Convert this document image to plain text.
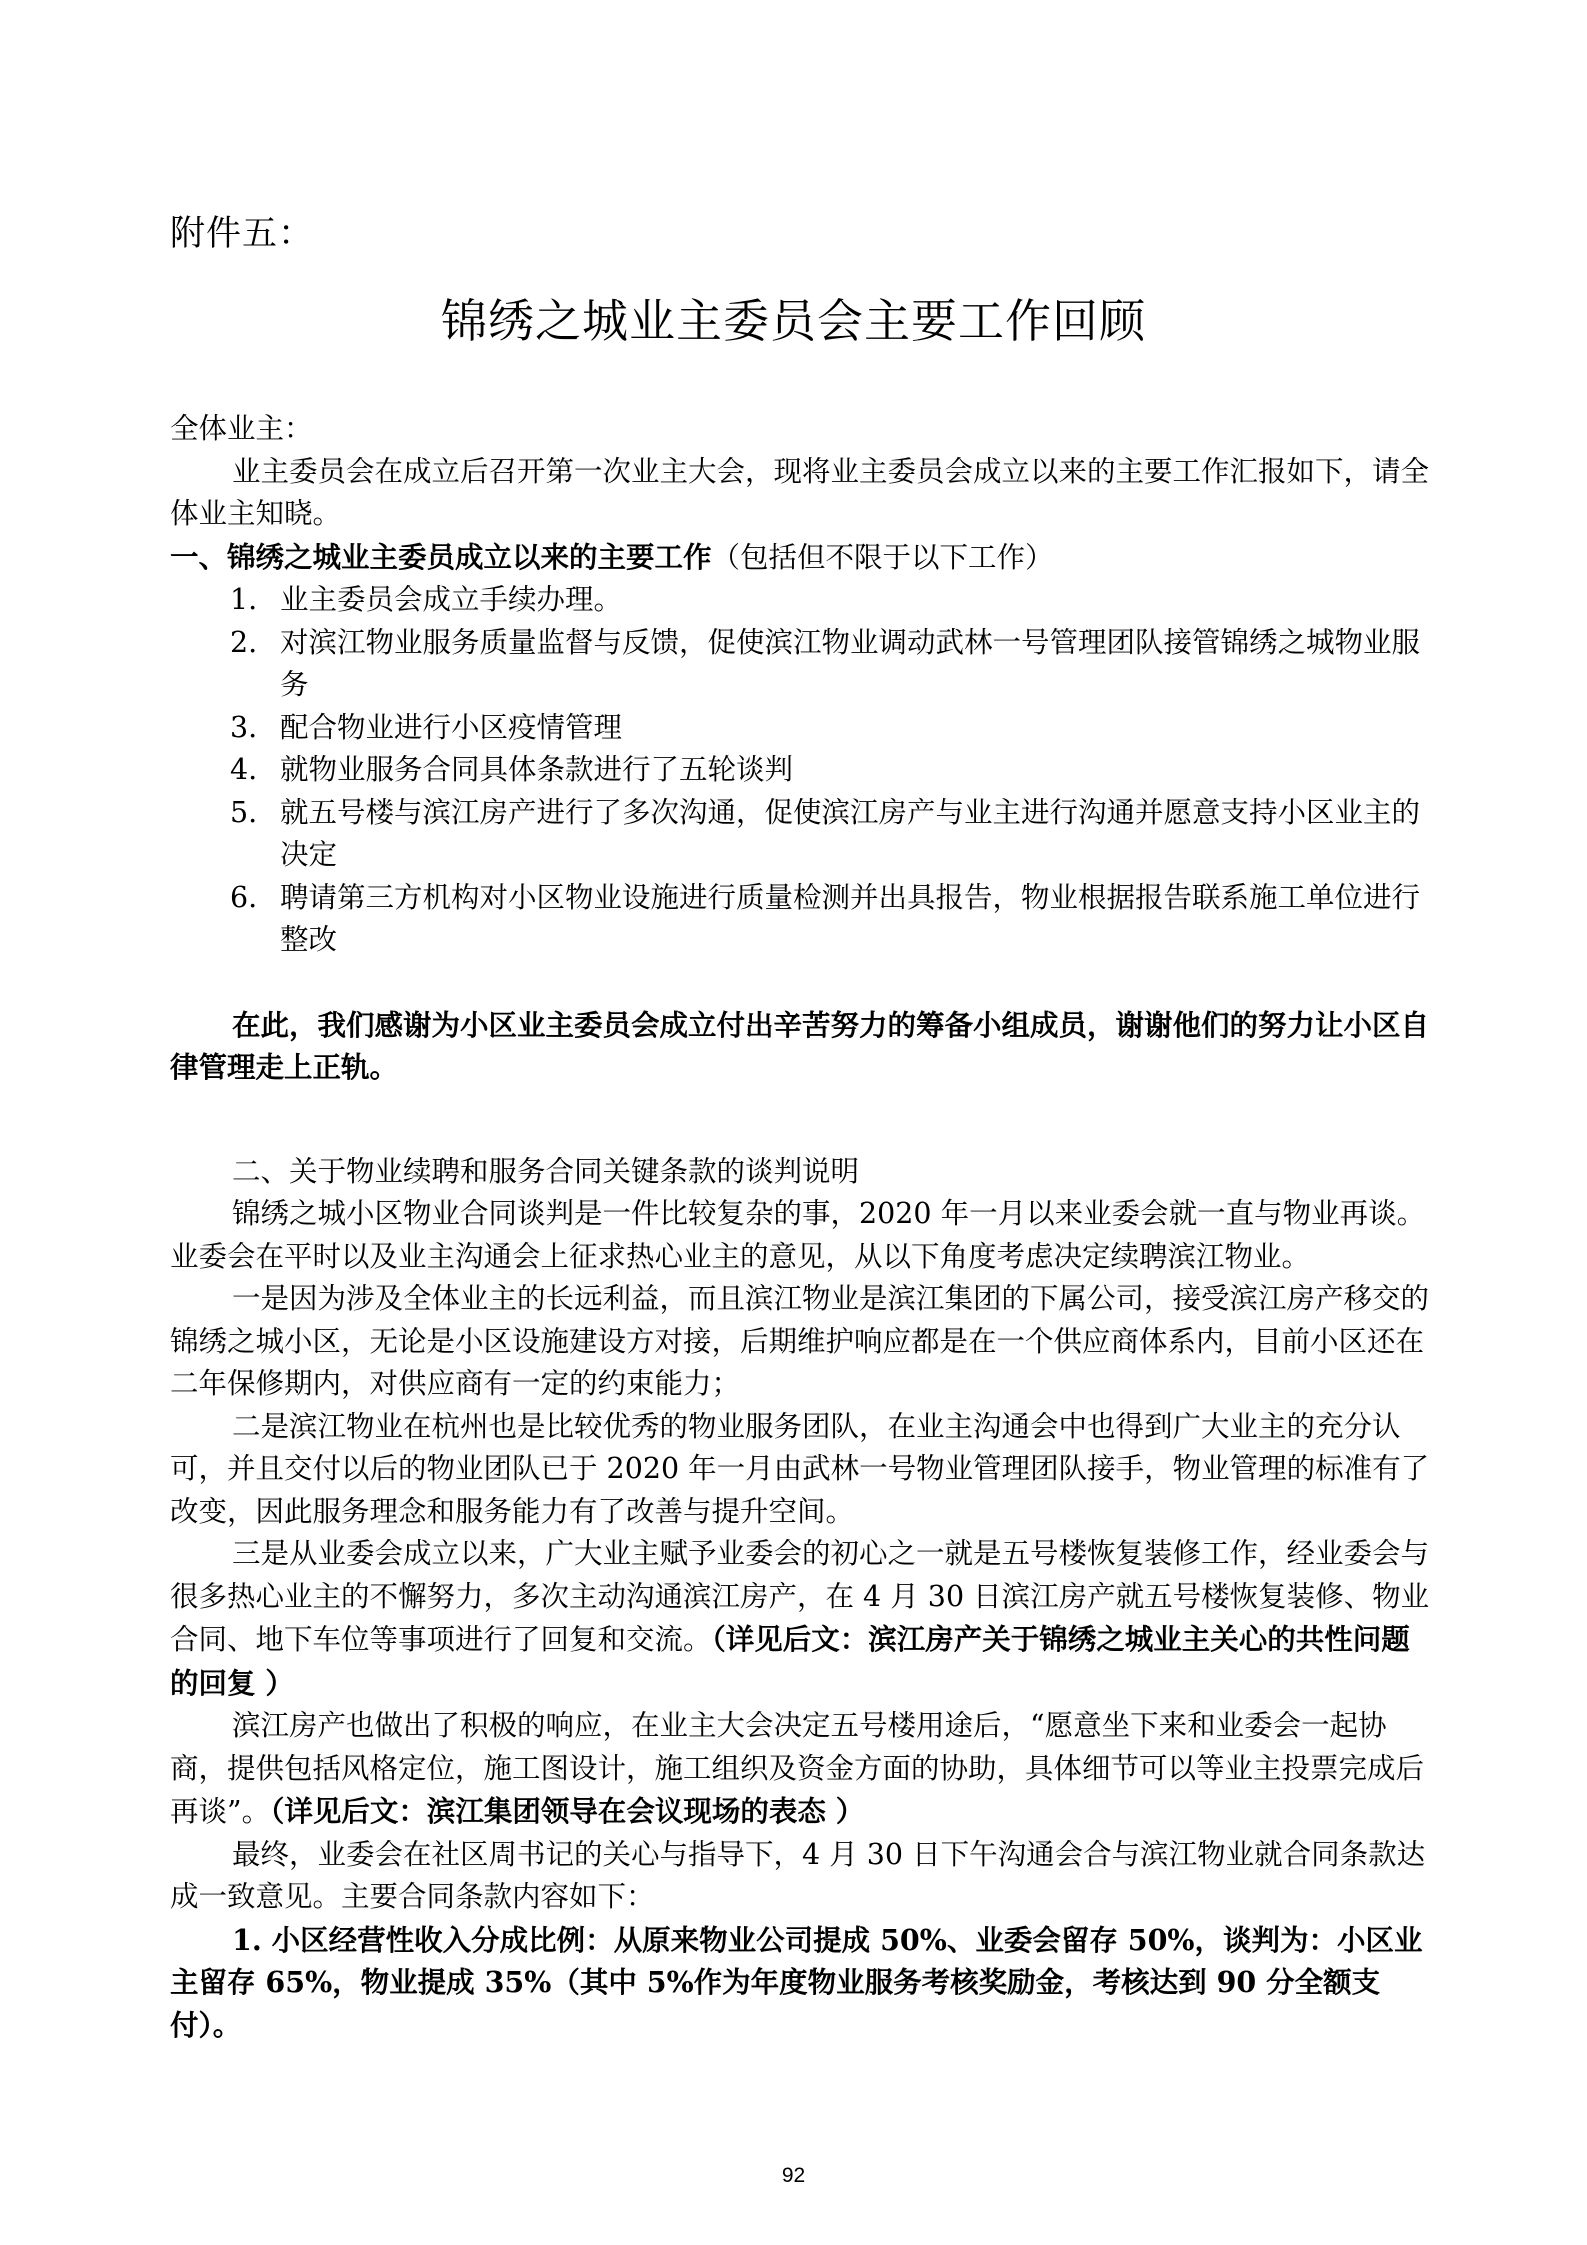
附件五：
锦绣之城业主委员会主要工作回顾

全体业主：

业主委员会在成立后召开第一次业主大会，现将业主委员会成立以来的主要工作汇报如下，请全体业主知晓。

一、锦绣之城业主委员成立以来的主要工作（包括但不限于以下工作）

1. 业主委员会成立手续办理。
2. 对滨江物业服务质量监督与反馈，促使滨江物业调动武林一号管理团队接管锦绣之城物业服务
3. 配合物业进行小区疫情管理
4. 就物业服务合同具体条款进行了五轮谈判
5. 就五号楼与滨江房产进行了多次沟通，促使滨江房产与业主进行沟通并愿意支持小区业主的决定
6. 聘请第三方机构对小区物业设施进行质量检测并出具报告，物业根据报告联系施工单位进行整改

在此，我们感谢为小区业主委员会成立付出辛苦努力的筹备小组成员，谢谢他们的努力让小区自律管理走上正轨。

二、关于物业续聘和服务合同关键条款的谈判说明

锦绣之城小区物业合同谈判是一件比较复杂的事，2020 年一月以来业委会就一直与物业再谈。业委会在平时以及业主沟通会上征求热心业主的意见，从以下角度考虑决定续聘滨江物业。

一是因为涉及全体业主的长远利益，而且滨江物业是滨江集团的下属公司，接受滨江房产移交的锦绣之城小区，无论是小区设施建设方对接，后期维护响应都是在一个供应商体系内，目前小区还在二年保修期内，对供应商有一定的约束能力；

二是滨江物业在杭州也是比较优秀的物业服务团队，在业主沟通会中也得到广大业主的充分认可，并且交付以后的物业团队已于 2020 年一月由武林一号物业管理团队接手，物业管理的标准有了改变，因此服务理念和服务能力有了改善与提升空间。

三是从业委会成立以来，广大业主赋予业委会的初心之一就是五号楼恢复装修工作，经业委会与很多热心业主的不懈努力，多次主动沟通滨江房产，在 4 月 30 日滨江房产就五号楼恢复装修、物业合同、地下车位等事项进行了回复和交流。（详见后文：滨江房产关于锦绣之城业主关心的共性问题的回复 ）

滨江房产也做出了积极的响应，在业主大会决定五号楼用途后，“愿意坐下来和业委会一起协商，提供包括风格定位，施工图设计，施工组织及资金方面的协助，具体细节可以等业主投票完成后再谈”。（详见后文：滨江集团领导在会议现场的表态 ）

最终，业委会在社区周书记的关心与指导下，4 月 30 日下午沟通会合与滨江物业就合同条款达成一致意见。主要合同条款内容如下：

1. 小区经营性收入分成比例：从原来物业公司提成 50%、业委会留存 50%，谈判为：小区业主留存 65%，物业提成 35%（其中 5%作为年度物业服务考核奖励金，考核达到 90 分全额支付）。

92
